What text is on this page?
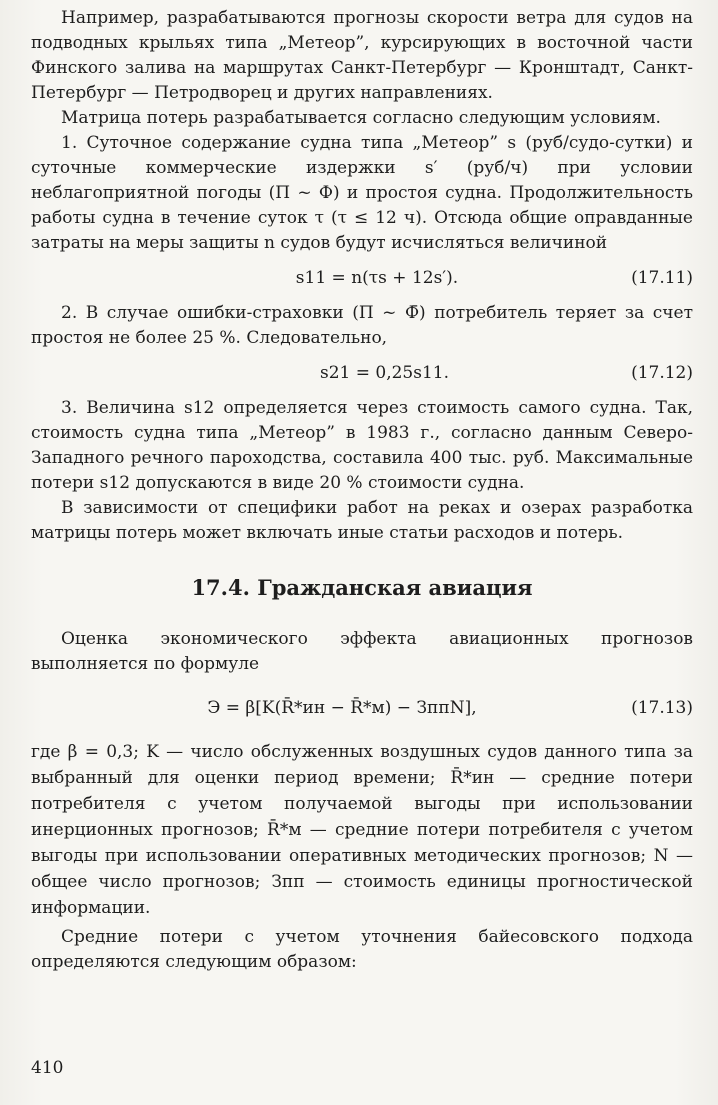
Например, разрабатываются прогнозы скорости ветра для судов на подводных крыльях типа „Метеор”, курсирующих в восточной части Финского залива на маршрутах Санкт-Петербург — Кронштадт, Санкт-Петербург — Петродворец и других направлениях.

Матрица потерь разрабатывается согласно следующим условиям.

1. Суточное содержание судна типа „Метеор” s (руб/судо-сутки) и суточные коммерческие издержки s′ (руб/ч) при условии неблагоприятной погоды (П ~ Ф) и простоя судна. Продолжительность работы судна в течение суток τ (τ ≤ 12 ч). Отсюда общие оправданные затраты на меры защиты n судов будут исчисляться величиной

s11 = n(τs + 12s′).	(17.11)

2. В случае ошибки-страховки (П ~ Ф̄) потребитель теряет за счет простоя не более 25 %. Следовательно,

s21 = 0,25s11.	(17.12)

3. Величина s12 определяется через стоимость самого судна. Так, стоимость судна типа „Метеор” в 1983 г., согласно данным Северо-Западного речного пароходства, составила 400 тыс. руб. Максимальные потери s12 допускаются в виде 20 % стоимости судна.

В зависимости от специфики работ на реках и озерах разработка матрицы потерь может включать иные статьи расходов и потерь.

17.4. Гражданская авиация

Оценка экономического эффекта авиационных прогнозов выполняется по формуле

Э = β[K(R̄*ин − R̄*м) − ЗппN],	(17.13)

где β = 0,3; K — число обслуженных воздушных судов данного типа за выбранный для оценки период времени; R̄*ин — средние потери потребителя с учетом получаемой выгоды при использовании инерционных прогнозов; R̄*м — средние потери потребителя с учетом выгоды при использовании оперативных методических прогнозов; N — общее число прогнозов; Зпп — стоимость единицы прогностической информации.

Средние потери с учетом уточнения байесовского подхода определяются следующим образом:

410
